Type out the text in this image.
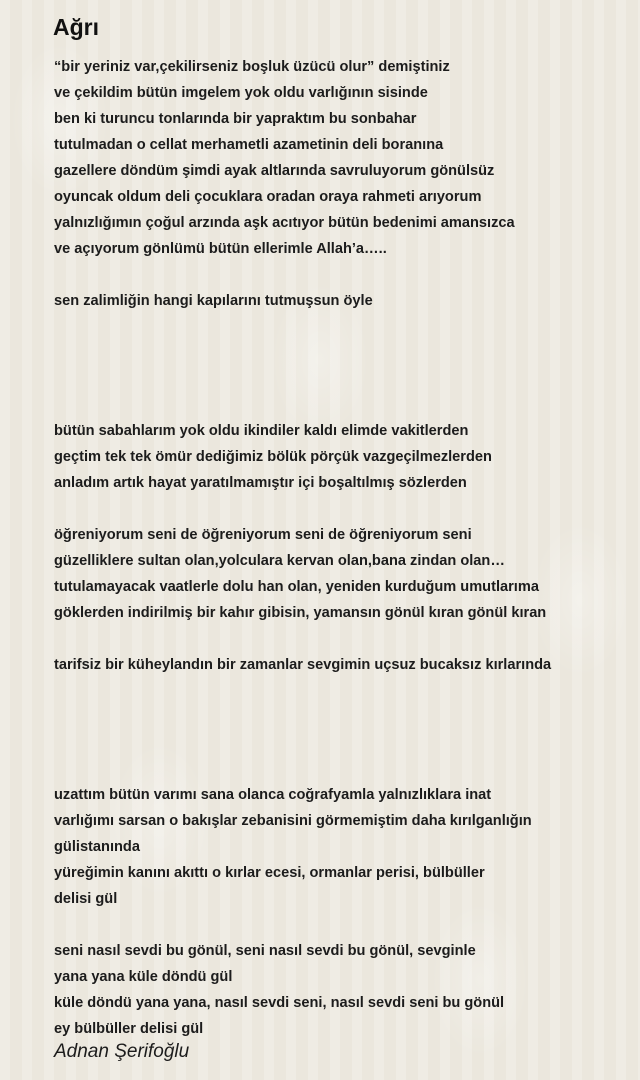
Ağrı
“bir yeriniz var,çekilirseniz boşluk üzücü olur” demiştiniz
ve çekildim bütün imgelem yok oldu varlığının sisinde
ben ki turuncu tonlarında bir yapraktım bu sonbahar
tutulmadan o cellat merhametli azametinin deli boranına
gazellere döndüm şimdi ayak altlarında savruluyorum gönülsüz
oyuncak oldum deli çocuklara oradan oraya rahmeti arıyorum
yalnızlığımın çoğul arzında aşk acıtıyor bütün bedenimi amansızca
ve açıyorum gönlümü bütün ellerimle Allah’a…..
sen zalimliğin hangi kapılarını tutmuşsun öyle
bütün sabahlarım yok oldu ikindiler kaldı elimde vakitlerden
geçtim tek tek ömür dediğimiz bölük pörçük vazgeçilmezlerden
anladım artık hayat yaratılmamıştır içi boşaltılmış sözlerden
öğreniyorum seni de öğreniyorum seni de öğreniyorum seni
güzelliklere sultan olan,yolculara kervan olan,bana zindan olan…
tutulamayacak vaatlerle dolu han olan, yeniden kurduğum umutlarıma
göklerden indirilmiş bir kahır gibisin, yamansın gönül kıran gönül kıran
tarifsiz bir küheylandın bir zamanlar sevgimin uçsuz bucaksız kırlarında
uzattım bütün varımı sana olanca coğrafyamla yalnızlıklara inat
varlığımı sarsan o bakışlar zebanisini görmemiştim daha kırılganlığın
gülistanında
yüreğimin kanını akıttı o kırlar ecesi, ormanlar perisi, bülbüller
delisi gül
seni nasıl sevdi bu gönül, seni nasıl sevdi bu gönül, sevginle
yana yana küle döndü gül
küle döndü yana yana, nasıl sevdi seni, nasıl sevdi seni bu gönül
ey bülbüller delisi gül
Adnan Şerifoğlu
